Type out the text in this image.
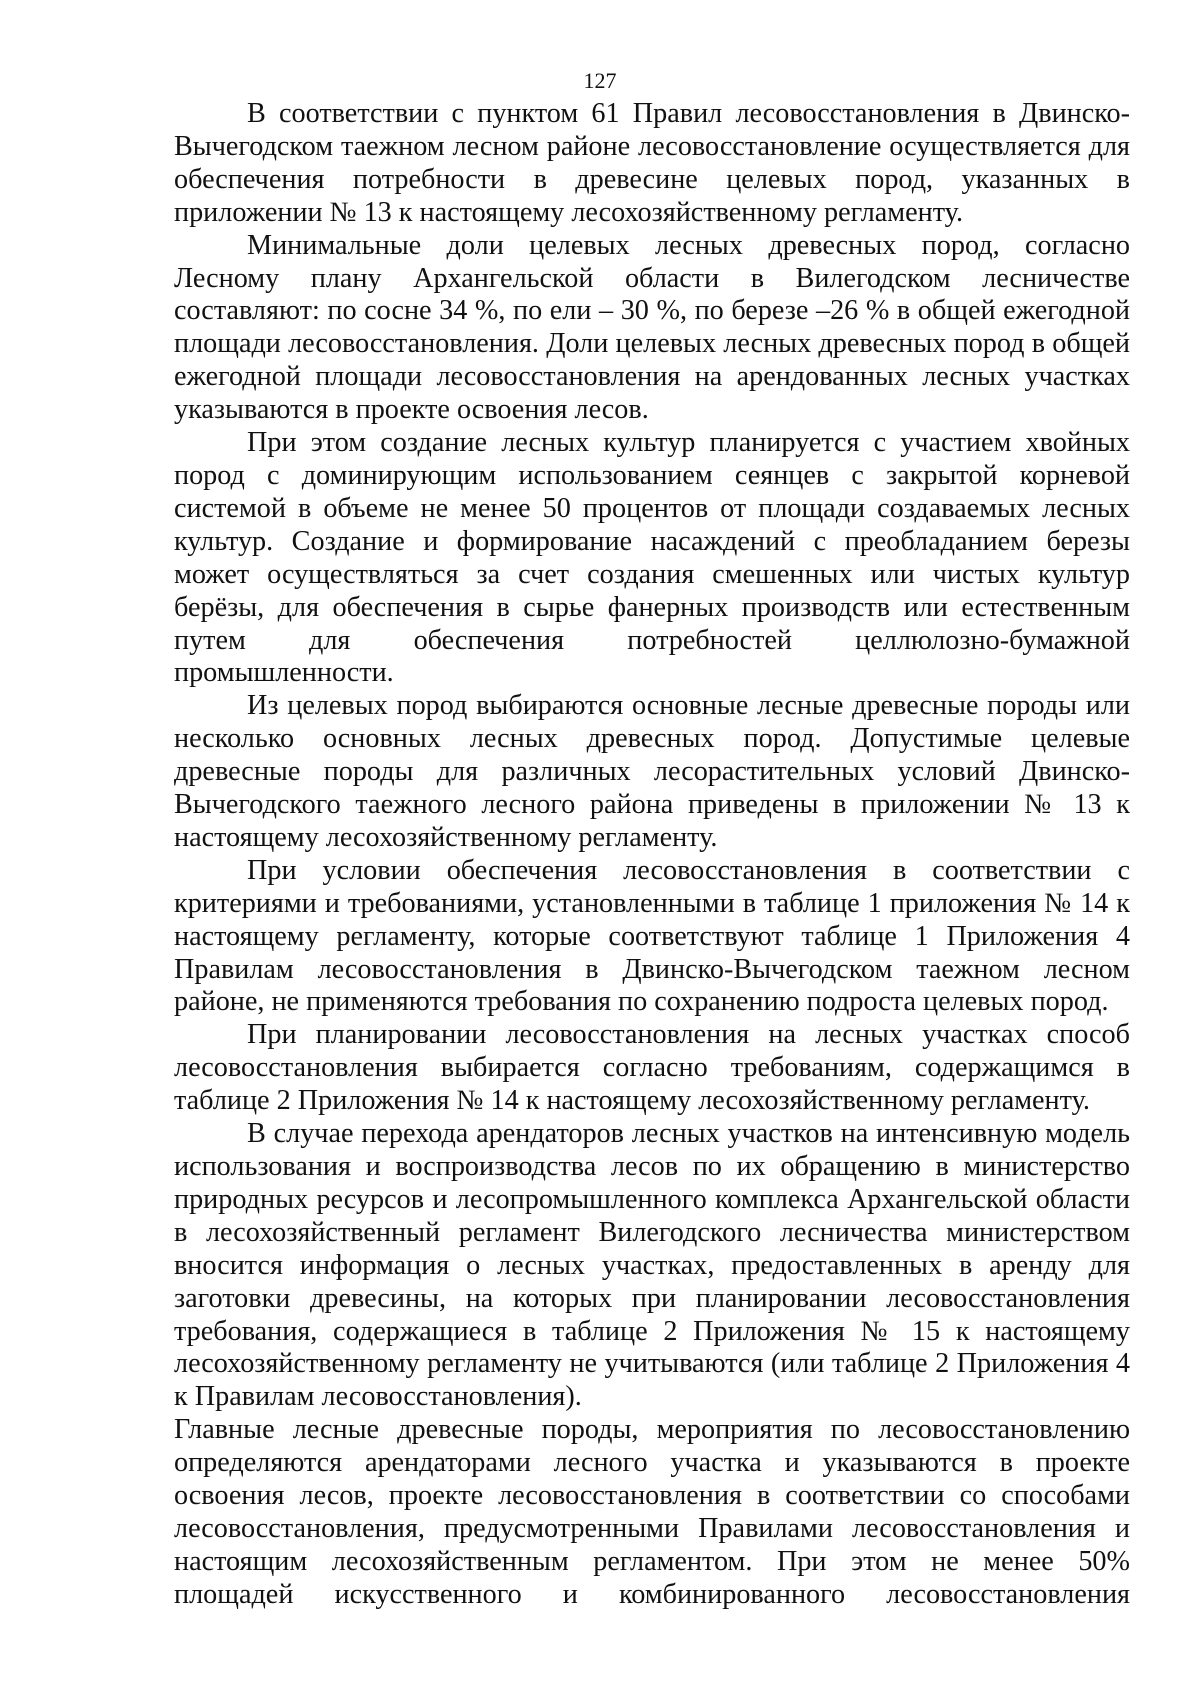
127

В соответствии с пунктом 61 Правил лесовосстановления в Двинско-Вычегодском таежном лесном районе лесовосстановление осуществляется для обеспечения потребности в древесине целевых пород, указанных в приложении № 13 к настоящему лесохозяйственному регламенту.

Минимальные доли целевых лесных древесных пород, согласно Лесному плану Архангельской области в Вилегодском лесничестве составляют: по сосне 34 %, по ели – 30 %, по березе –26 % в общей ежегодной площади лесовосстановления. Доли целевых лесных древесных пород в общей ежегодной площади лесовосстановления на арендованных лесных участках указываются в проекте освоения лесов.

При этом создание лесных культур планируется с участием хвойных пород с доминирующим использованием сеянцев с закрытой корневой системой в объеме не менее 50 процентов от площади создаваемых лесных культур. Создание и формирование насаждений с преобладанием березы может осуществляться за счет создания смешенных или чистых культур берёзы, для обеспечения в сырье фанерных производств или естественным путем для обеспечения потребностей целлюлозно-бумажной промышленности.

Из целевых пород выбираются основные лесные древесные породы или несколько основных лесных древесных пород. Допустимые целевые древесные породы для различных лесорастительных условий Двинско-Вычегодского таежного лесного района приведены в приложении № 13 к настоящему лесохозяйственному регламенту.

При условии обеспечения лесовосстановления в соответствии с критериями и требованиями, установленными в таблице 1 приложения № 14 к настоящему регламенту, которые соответствуют таблице 1 Приложения 4 Правилам лесовосстановления в Двинско-Вычегодском таежном лесном районе, не применяются требования по сохранению подроста целевых пород.

При планировании лесовосстановления на лесных участках способ лесовосстановления выбирается согласно требованиям, содержащимся в таблице 2 Приложения № 14 к настоящему лесохозяйственному регламенту.

В случае перехода арендаторов лесных участков на интенсивную модель использования и воспроизводства лесов по их обращению в министерство природных ресурсов и лесопромышленного комплекса Архангельской области в лесохозяйственный регламент Вилегодского лесничества министерством вносится информация о лесных участках, предоставленных в аренду для заготовки древесины, на которых при планировании лесовосстановления требования, содержащиеся в таблице 2 Приложения № 15 к настоящему лесохозяйственному регламенту не учитываются (или таблице 2 Приложения 4 к Правилам лесовосстановления).

Главные лесные древесные породы, мероприятия по лесовосстановлению определяются арендаторами лесного участка и указываются в проекте освоения лесов, проекте лесовосстановления в соответствии со способами лесовосстановления, предусмотренными Правилами лесовосстановления и настоящим лесохозяйственным регламентом. При этом не менее 50% площадей искусственного и комбинированного лесовосстановления
